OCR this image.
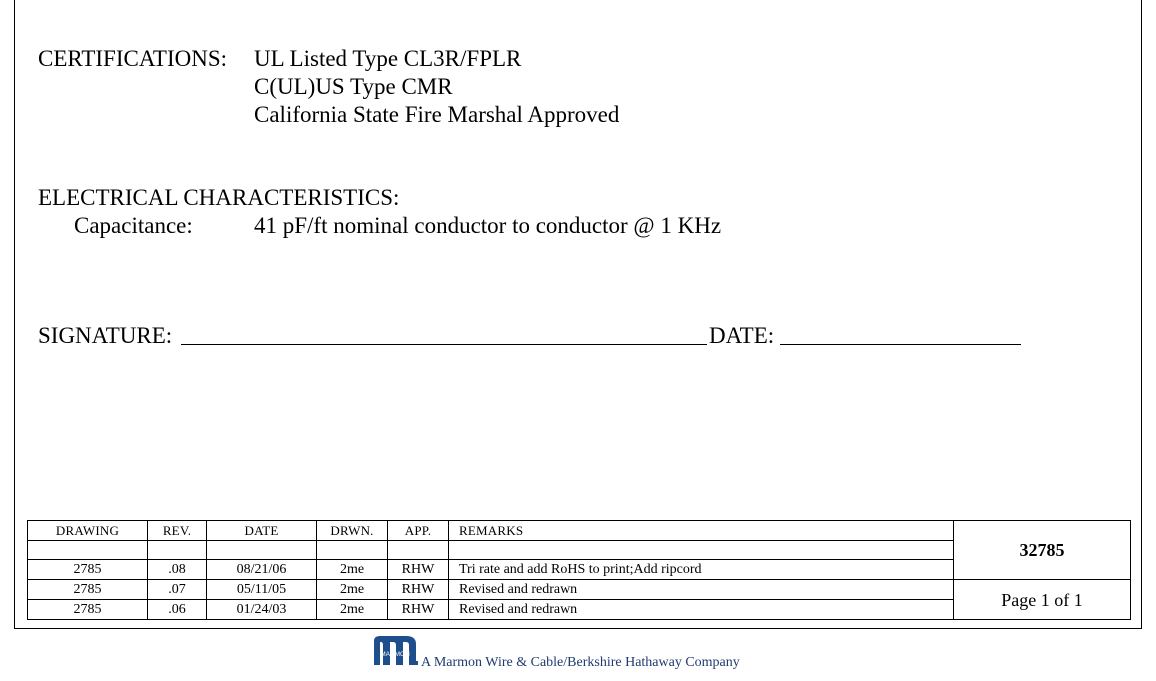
CERTIFICATIONS: UL Listed Type CL3R/FPLR
C(UL)US Type CMR
California State Fire Marshal Approved
ELECTRICAL CHARACTERISTICS:
Capacitance:	41 pF/ft nominal conductor to conductor @ 1 KHz
SIGNATURE:	DATE:
DRAWING	REV.	DATE	DRWN.	APP.	REMARKS	32785

2785	.08	08/21/06	2me	RHW	Tri rate and add RoHS to print;Add ripcord	
2785	.07	05/11/05	2me	RHW	Revised and redrawn	Page 1 of 1
2785	.06	01/24/03	2me	RHW	Revised and redrawn	
MARMON
A Marmon Wire & Cable/Berkshire Hathaway Company
